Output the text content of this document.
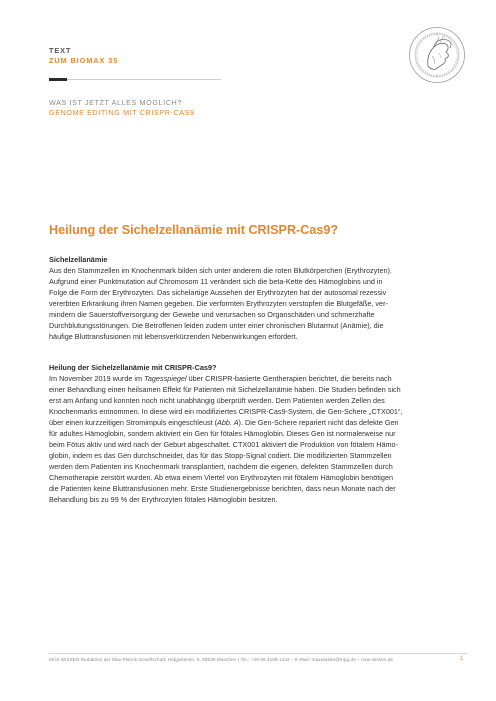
TEXT
ZUM BIOMAX 35
WAS IST JETZT ALLES MÖGLICH?
GENOME EDITING MIT CRISPR-CAS9
Heilung der Sichelzellanämie mit CRISPR-Cas9?
Sichelzellanämie

Aus den Stammzellen im Knochenmark bilden sich unter anderem die roten Blutkörperchen (Erythrozyten).

Aufgrund einer Punktmutation auf Chromosom 11 verändert sich die beta-Kette des Hämoglobins und in

Folge die Form der Erythrozyten. Das sichelartige Aussehen der Erythrozyten hat der autosomal rezessiv

vererbten Erkrankung ihren Namen gegeben. Die verformten Erythrozyten verstopfen die Blutgefäße, ver-

mindern die Sauerstoffversorgung der Gewebe und verursachen so Organschäden und schmerzhafte

Durchblutungsstörungen. Die Betroffenen leiden zudem unter einer chronischen Blutarmut (Anämie), die

häufige Bluttransfusionen mit lebensverkürzenden Nebenwirkungen erfordert.

Heilung der Sichelzellanämie mit CRISPR-Cas9?

Im November 2019 wurde im Tagesspiegel über CRISPR-basierte Gentherapien berichtet, die bereits nach

einer Behandlung einen heilsamen Effekt für Patienten mit Sichelzellanämie haben. Die Studien befinden sich

erst am Anfang und konnten noch nicht unabhängig überprüft werden. Dem Patienten werden Zellen des

Knochenmarks entnommen. In diese wird ein modifiziertes CRISPR-Cas9-System, die Gen-Schere „CTX001“,

über einen kurzzeitigen Stromimpuls eingeschleust (Abb. A). Die Gen-Schere repariert nicht das defekte Gen

für adultes Hämoglobin, sondern aktiviert ein Gen für fötales Hämoglobin. Dieses Gen ist normalerweise nur

beim Fötus aktiv und wird nach der Geburt abgeschaltet. CTX001 aktiviert die Produktion von fötalem Hämo-

globin, indem es das Gen durchschneidet, das für das Stopp-Signal codiert. Die modifizierten Stammzellen

werden dem Patienten ins Knochenmark transplantiert, nachdem die eigenen, defekten Stammzellen durch

Chemotherapie zerstört wurden. Ab etwa einem Viertel von Erythrozyten mit fötalem Hämoglobin benötigen

die Patienten keine Bluttransfusionen mehr. Erste Studienergebnisse berichten, dass neun Monate nach der

Behandlung bis zu 99 % der Erythrozyten fötales Hämoglobin besitzen.

MAX WISSEN Redaktion der Max-Planck-Gesellschaft, Hofgartenstr. 8, 80539 München | Tel.: +49 89 2108-1342 – E-Mail: maxwissen@mpg.de – max-wissen.de	1
